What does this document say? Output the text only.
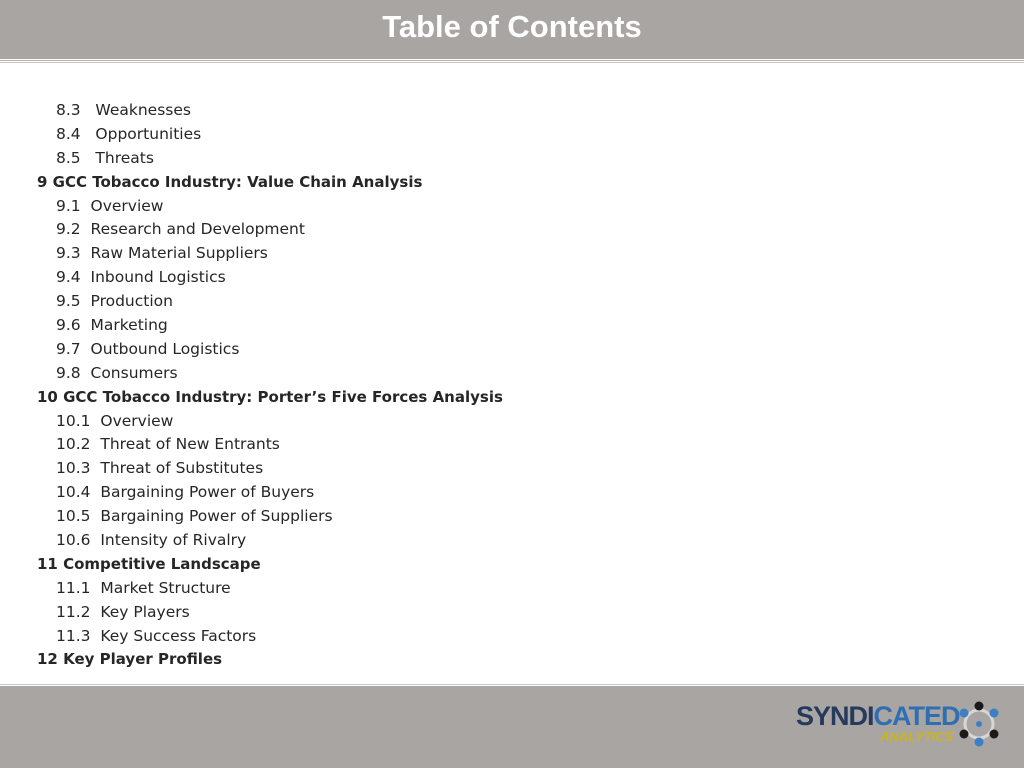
Table of Contents
8.3   Weaknesses
8.4   Opportunities
8.5   Threats
9 GCC Tobacco Industry: Value Chain Analysis
9.1  Overview
9.2  Research and Development
9.3  Raw Material Suppliers
9.4  Inbound Logistics
9.5  Production
9.6  Marketing
9.7  Outbound Logistics
9.8  Consumers
10 GCC Tobacco Industry: Porter’s Five Forces Analysis
10.1  Overview
10.2  Threat of New Entrants
10.3  Threat of Substitutes
10.4  Bargaining Power of Buyers
10.5  Bargaining Power of Suppliers
10.6  Intensity of Rivalry
11 Competitive Landscape
11.1  Market Structure
11.2  Key Players
11.3  Key Success Factors
12 Key Player Profiles
SYNDICATED
ANALYTICS
